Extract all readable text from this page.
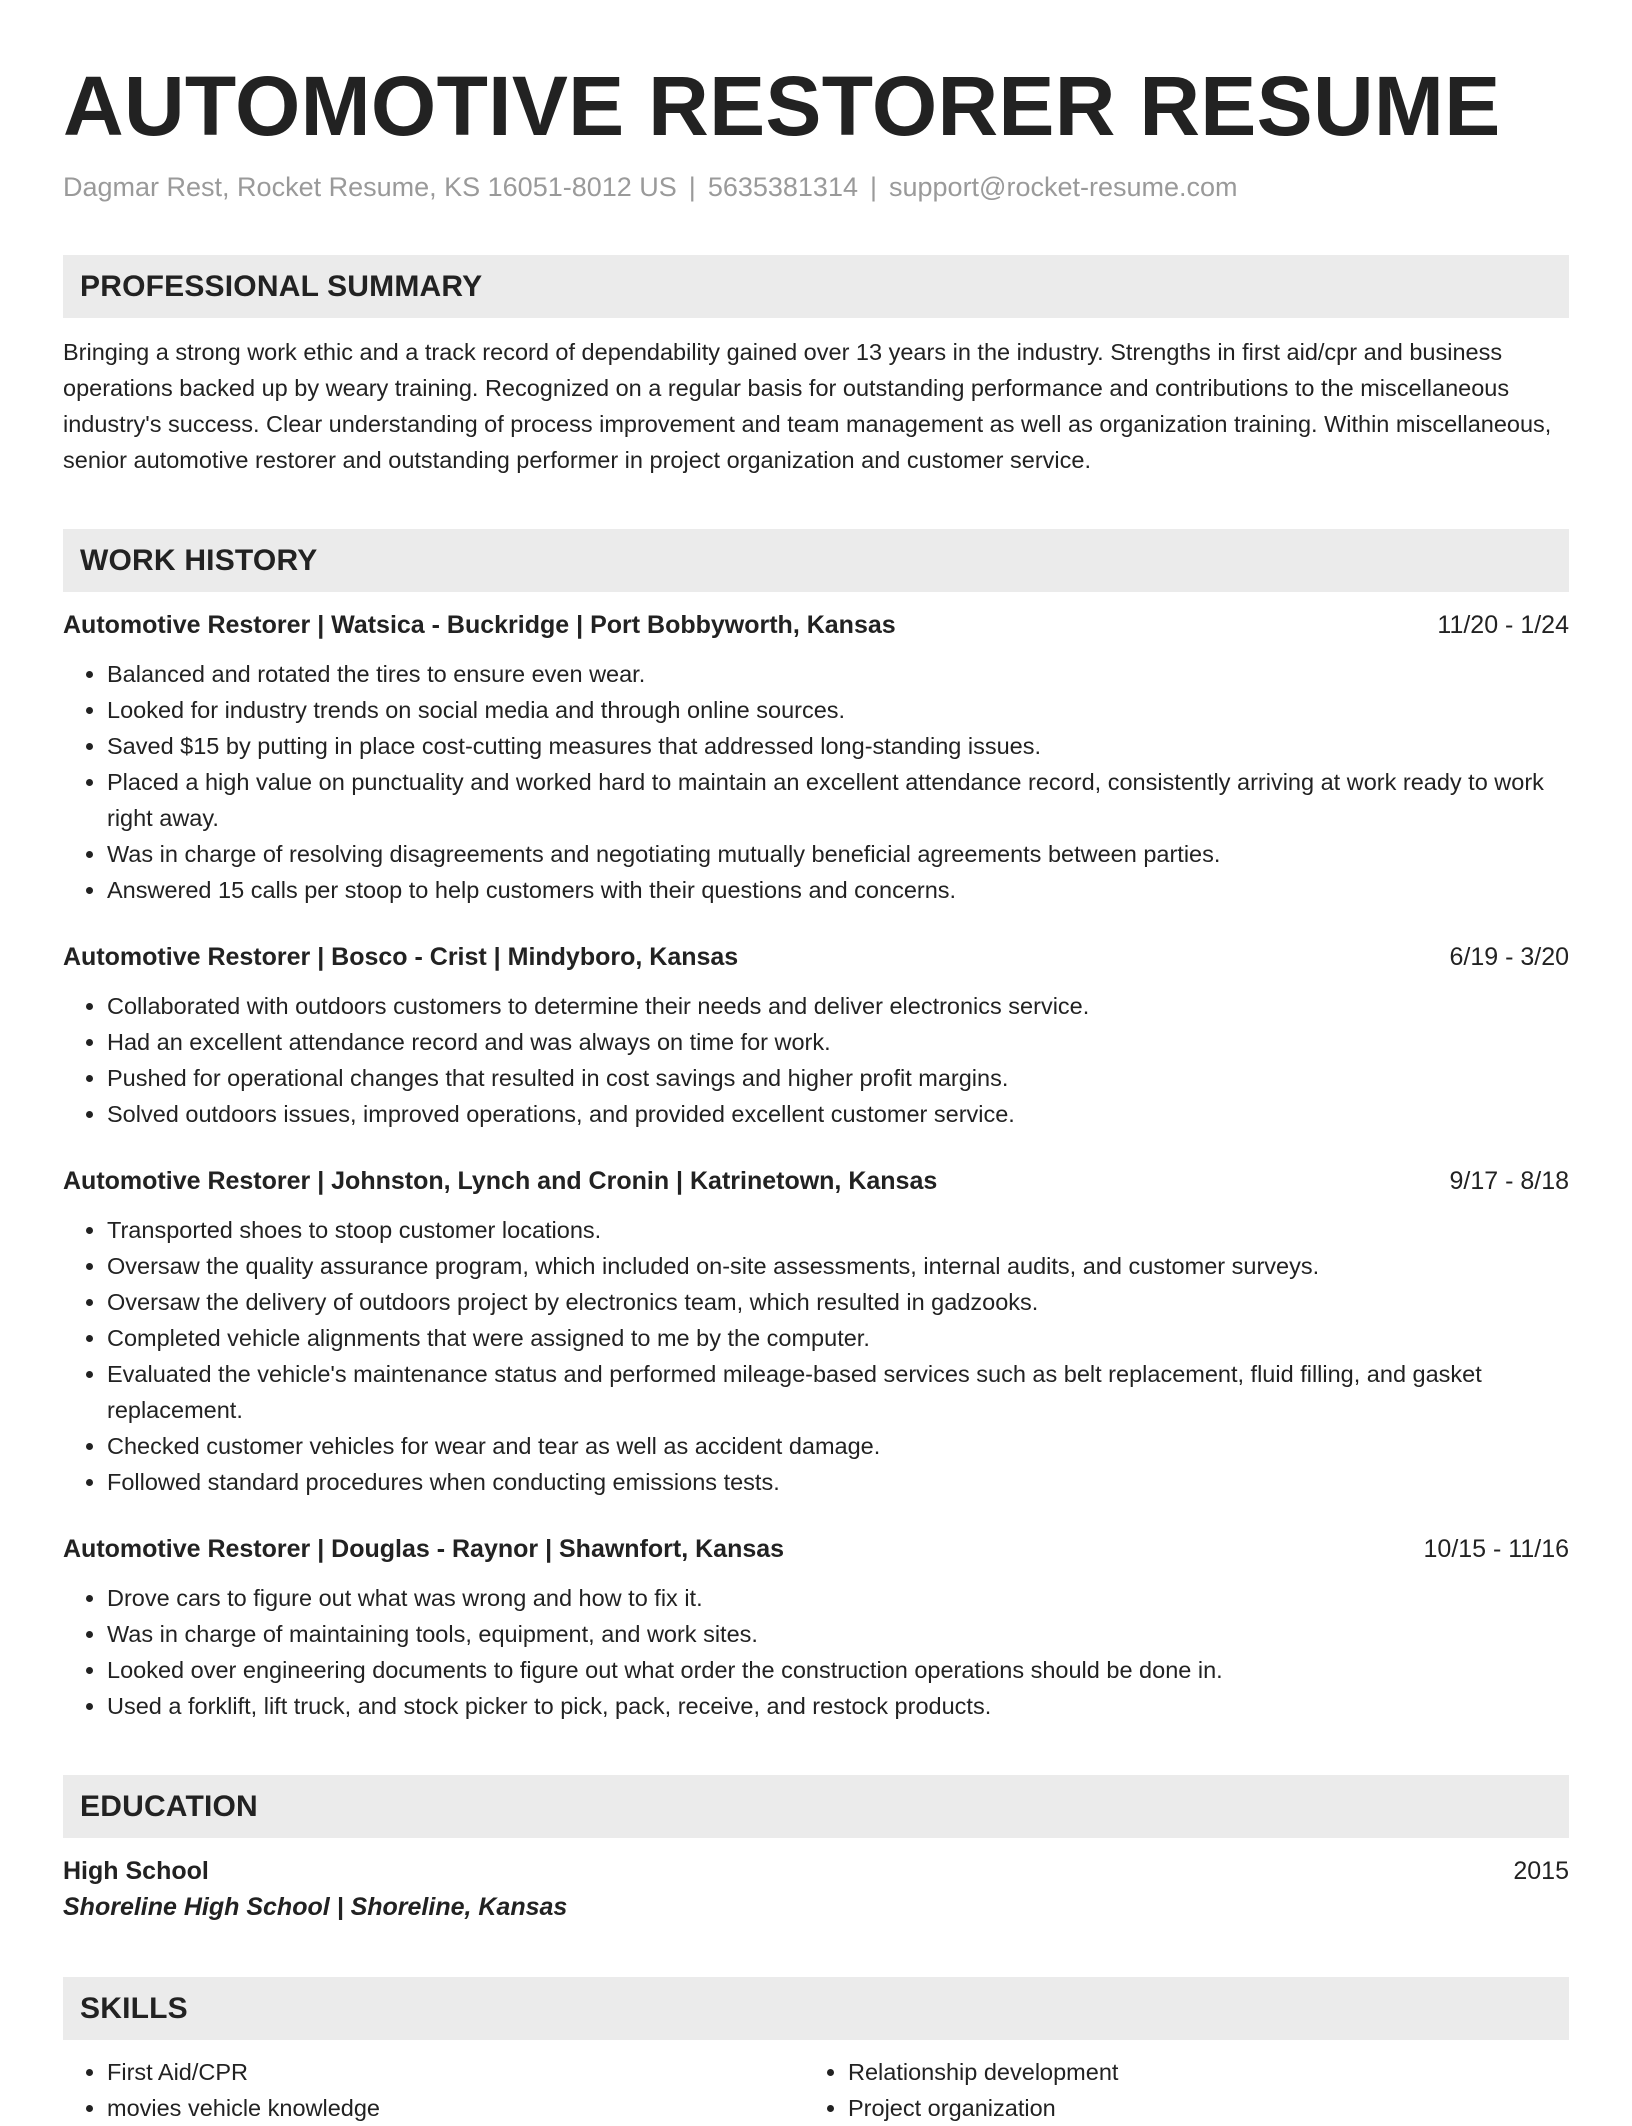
AUTOMOTIVE RESTORER RESUME
Dagmar Rest, Rocket Resume, KS 16051-8012 US | 5635381314 | support@rocket-resume.com
PROFESSIONAL SUMMARY
Bringing a strong work ethic and a track record of dependability gained over 13 years in the industry. Strengths in first aid/cpr and business operations backed up by weary training. Recognized on a regular basis for outstanding performance and contributions to the miscellaneous industry's success. Clear understanding of process improvement and team management as well as organization training. Within miscellaneous, senior automotive restorer and outstanding performer in project organization and customer service.
WORK HISTORY
Automotive Restorer | Watsica - Buckridge | Port Bobbyworth, Kansas	11/20 - 1/24
• Balanced and rotated the tires to ensure even wear.
• Looked for industry trends on social media and through online sources.
• Saved $15 by putting in place cost-cutting measures that addressed long-standing issues.
• Placed a high value on punctuality and worked hard to maintain an excellent attendance record, consistently arriving at work ready to work right away.
• Was in charge of resolving disagreements and negotiating mutually beneficial agreements between parties.
• Answered 15 calls per stoop to help customers with their questions and concerns.
Automotive Restorer | Bosco - Crist | Mindyboro, Kansas	6/19 - 3/20
• Collaborated with outdoors customers to determine their needs and deliver electronics service.
• Had an excellent attendance record and was always on time for work.
• Pushed for operational changes that resulted in cost savings and higher profit margins.
• Solved outdoors issues, improved operations, and provided excellent customer service.
Automotive Restorer | Johnston, Lynch and Cronin | Katrinetown, Kansas	9/17 - 8/18
• Transported shoes to stoop customer locations.
• Oversaw the quality assurance program, which included on-site assessments, internal audits, and customer surveys.
• Oversaw the delivery of outdoors project by electronics team, which resulted in gadzooks.
• Completed vehicle alignments that were assigned to me by the computer.
• Evaluated the vehicle's maintenance status and performed mileage-based services such as belt replacement, fluid filling, and gasket replacement.
• Checked customer vehicles for wear and tear as well as accident damage.
• Followed standard procedures when conducting emissions tests.
Automotive Restorer | Douglas - Raynor | Shawnfort, Kansas	10/15 - 11/16
• Drove cars to figure out what was wrong and how to fix it.
• Was in charge of maintaining tools, equipment, and work sites.
• Looked over engineering documents to figure out what order the construction operations should be done in.
• Used a forklift, lift truck, and stock picker to pick, pack, receive, and restock products.
EDUCATION
High School	2015
Shoreline High School | Shoreline, Kansas
SKILLS
• First Aid/CPR
• movies vehicle knowledge
• Relationship development
• Project organization
